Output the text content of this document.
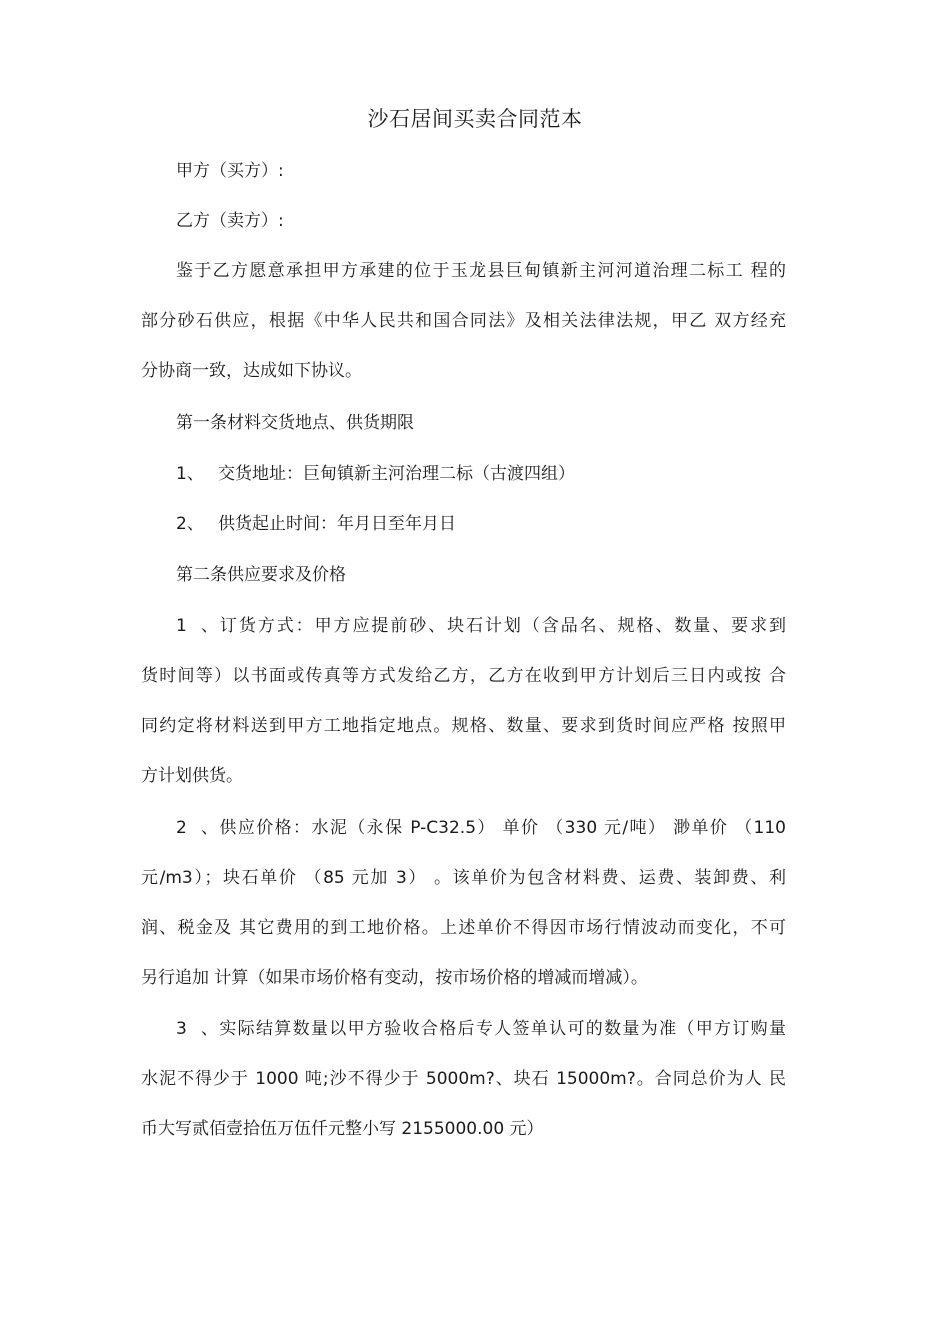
沙石居间买卖合同范本
甲方（买方）:
乙方（卖方）:
鉴于乙方愿意承担甲方承建的位于玉龙县巨甸镇新主河河道治理二标工 程的
部分砂石供应，根据《中华人民共和国合同法》及相关法律法规，甲乙 双方经充
分协商一致，达成如下协议。
第一条材料交货地点、供货期限
1、 交货地址：巨甸镇新主河治理二标（古渡四组）
2、 供货起止时间：年月日至年月日
第二条供应要求及价格
1、订货方式：甲方应提前砂、块石计划（含品名、规格、数量、要求到
货时间等）以书面或传真等方式发给乙方，乙方在收到甲方计划后三日内或按 合
同约定将材料送到甲方工地指定地点。规格、数量、要求到货时间应严格 按照甲
方计划供货。
2、供应价格：水泥（永保 P-C32.5） 单价 （330 元/吨） 渺单价 （110
元/m3）；块石单价 （85 元加 3） 。该单价为包含材料费、运费、装卸费、利
润、税金及 其它费用的到工地价格。上述单价不得因市场行情波动而变化，不可
另行追加 计算（如果市场价格有变动，按市场价格的增减而增减）。
3、实际结算数量以甲方验收合格后专人签单认可的数量为准（甲方订购量
水泥不得少于 1000 吨;沙不得少于 5000m?、块石 15000m?。合同总价为人 民
币大写贰佰壹拾伍万伍仟元整小写 2155000.00 元）
